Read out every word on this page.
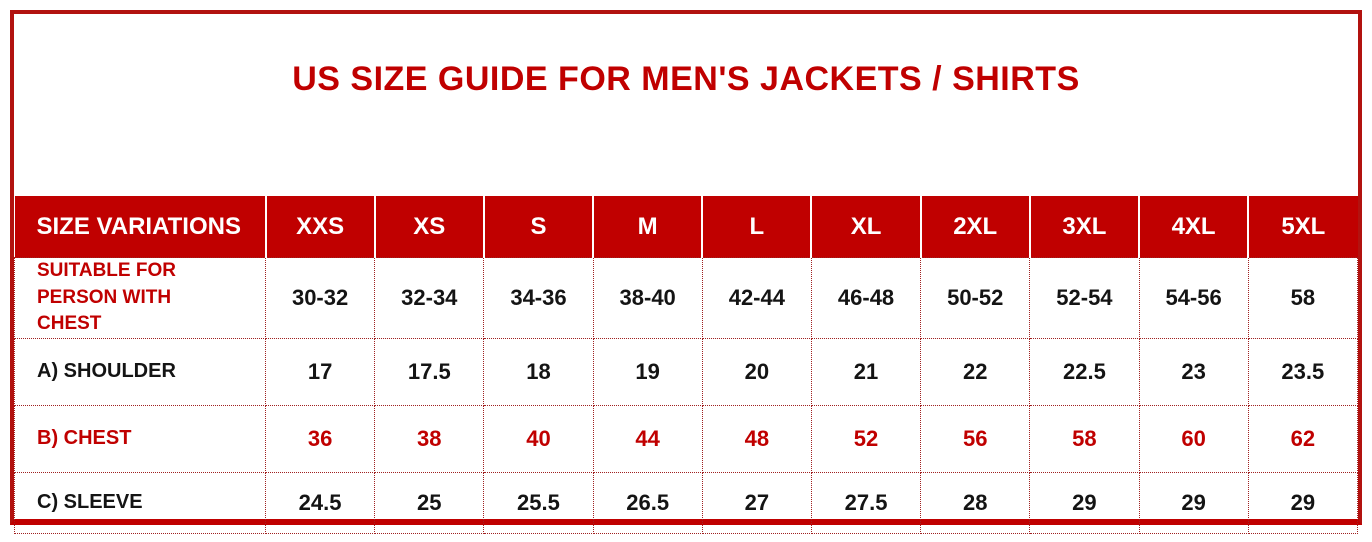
US SIZE GUIDE FOR MEN'S JACKETS / SHIRTS
SIZE VARIATIONS	XXS	XS	S	M	L	XL	2XL	3XL	4XL	5XL
SUITABLE FOR PERSON WITH CHEST	30-32	32-34	34-36	38-40	42-44	46-48	50-52	52-54	54-56	58
A) SHOULDER	17	17.5	18	19	20	21	22	22.5	23	23.5
B) CHEST	36	38	40	44	48	52	56	58	60	62
C) SLEEVE	24.5	25	25.5	26.5	27	27.5	28	29	29	29
